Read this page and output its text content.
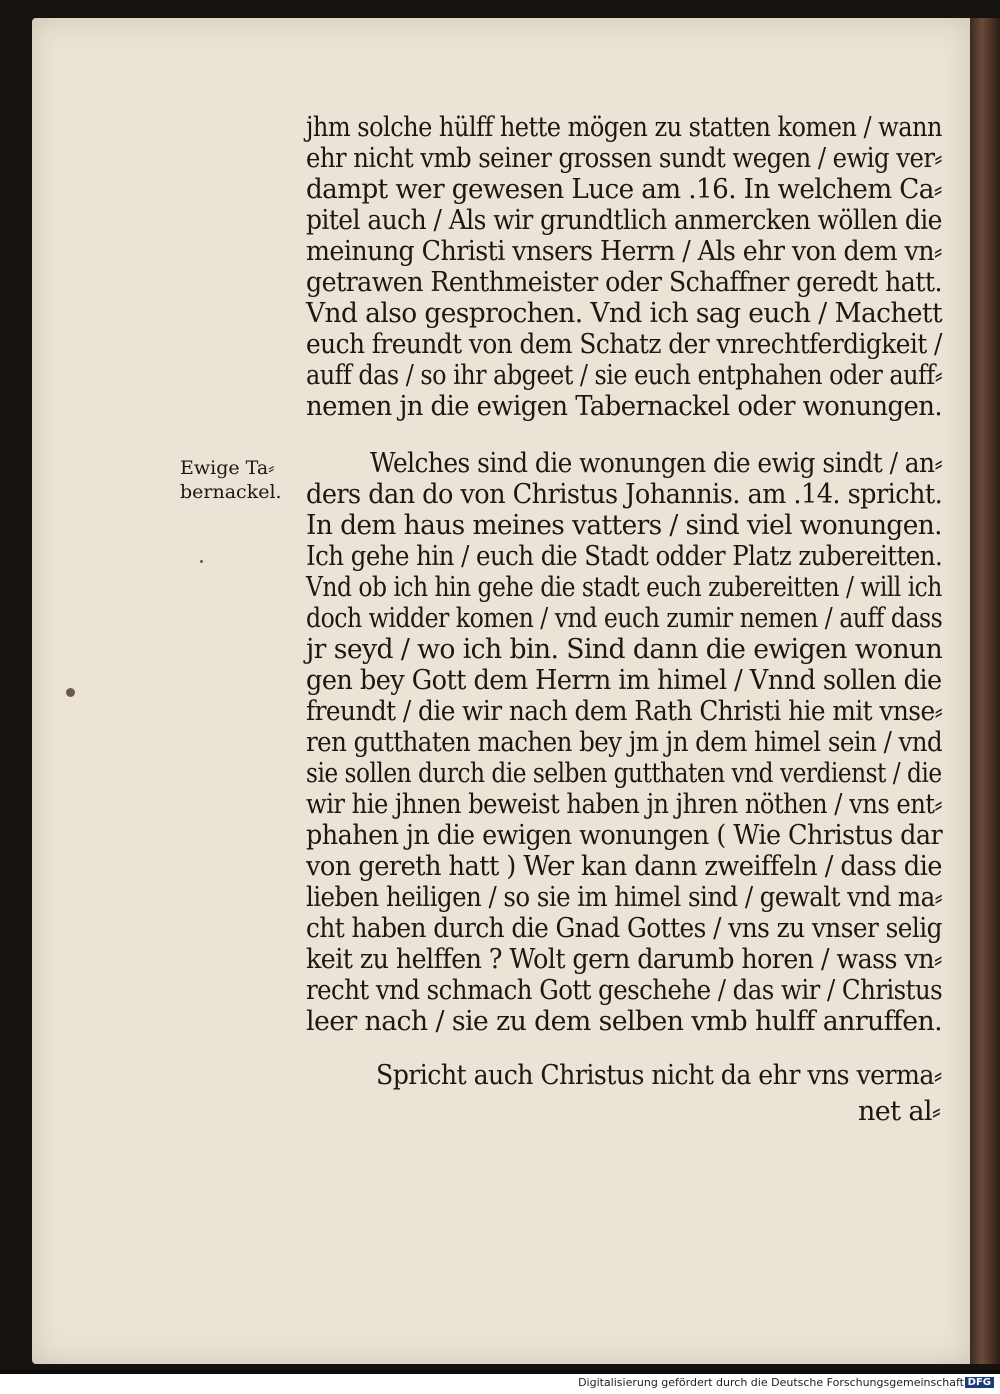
Ewige Ta⸗
bernackel.
jhm solche hülff hette mögen zu statten komen / wann
ehr nicht vmb seiner grossen sundt wegen / ewig ver⸗
dampt wer gewesen Luce am .16. In welchem Ca⸗
pitel auch / Als wir grundtlich anmercken wöllen die
meinung Christi vnsers Herrn / Als ehr von dem vn⸗
getrawen Renthmeister oder Schaffner geredt hatt.
Vnd also gesprochen. Vnd ich sag euch / Machett
euch freundt von dem Schatz der vnrechtferdigkeit /
auff das / so ihr abgeet / sie euch entphahen oder auff⸗
nemen jn die ewigen Tabernackel oder wonungen.
Welches sind die wonungen die ewig sindt / an⸗
ders dan do von Christus Johannis. am .14. spricht.
In dem haus meines vatters / sind viel wonungen.
Ich gehe hin / euch die Stadt odder Platz zubereitten.
Vnd ob ich hin gehe die stadt euch zubereitten / will ich
doch widder komen / vnd euch zumir nemen / auff dass
jr seyd / wo ich bin. Sind dann die ewigen wonun
gen bey Gott dem Herrn im himel / Vnnd sollen die
freundt / die wir nach dem Rath Christi hie mit vnse⸗
ren gutthaten machen bey jm jn dem himel sein / vnd
sie sollen durch die selben gutthaten vnd verdienst / die
wir hie jhnen beweist haben jn jhren nöthen / vns ent⸗
phahen jn die ewigen wonungen ( Wie Christus dar
von gereth hatt ) Wer kan dann zweiffeln / dass die
lieben heiligen / so sie im himel sind / gewalt vnd ma⸗
cht haben durch die Gnad Gottes / vns zu vnser selig
keit zu helffen ? Wolt gern darumb horen / wass vn⸗
recht vnd schmach Gott geschehe / das wir / Christus
leer nach / sie zu dem selben vmb hulff anruffen.
Spricht auch Christus nicht da ehr vns verma⸗
net al⸗
Digitalisierung gefördert durch die Deutsche Forschungsgemeinschaft DFG
